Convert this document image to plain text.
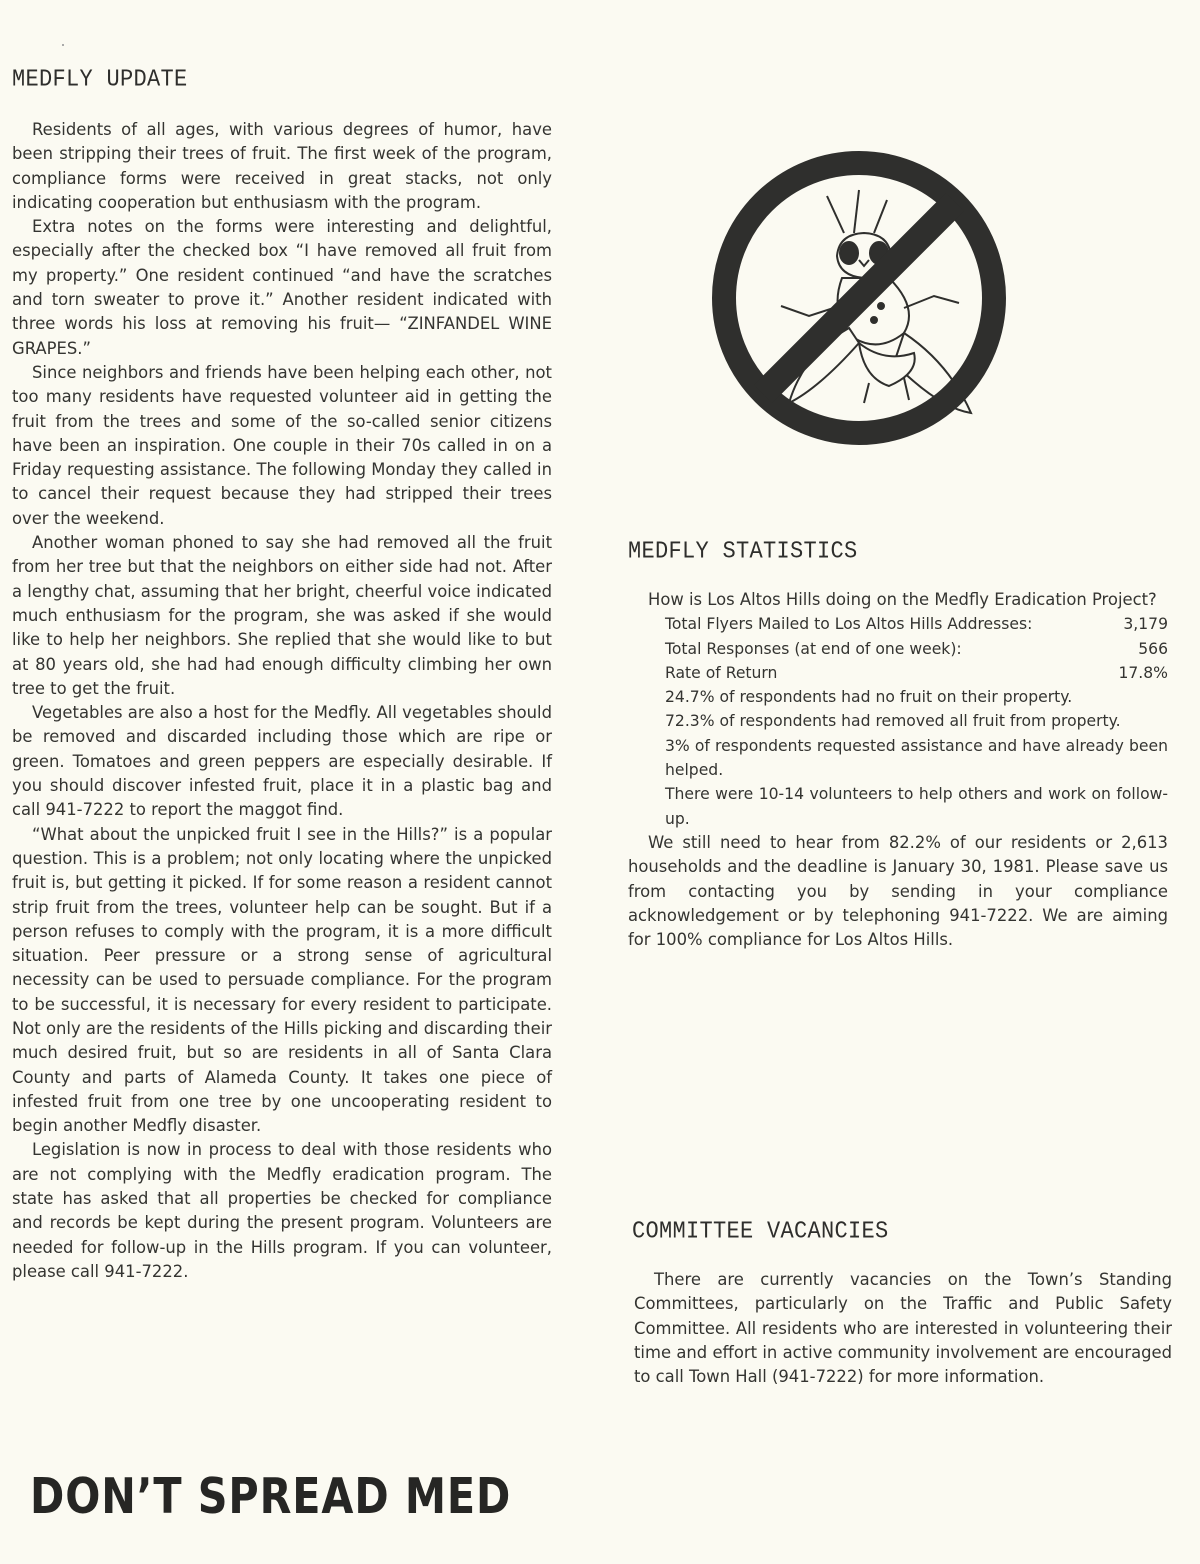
MEDFLY UPDATE

Residents of all ages, with various degrees of humor, have been stripping their trees of fruit. The first week of the program, compliance forms were received in great stacks, not only indicating cooperation but enthusiasm with the program.

Extra notes on the forms were interesting and delightful, especially after the checked box “I have removed all fruit from my property.” One resident continued “and have the scratches and torn sweater to prove it.” Another resident indicated with three words his loss at removing his fruit— “ZINFANDEL WINE GRAPES.”

Since neighbors and friends have been helping each other, not too many residents have requested volunteer aid in getting the fruit from the trees and some of the so-called senior citizens have been an inspiration. One couple in their 70s called in on a Friday requesting assistance. The following Monday they called in to cancel their request because they had stripped their trees over the weekend.

Another woman phoned to say she had removed all the fruit from her tree but that the neighbors on either side had not. After a lengthy chat, assuming that her bright, cheerful voice indicated much enthusiasm for the program, she was asked if she would like to help her neighbors. She replied that she would like to but at 80 years old, she had had enough difficulty climbing her own tree to get the fruit.

Vegetables are also a host for the Medfly. All vegetables should be removed and discarded including those which are ripe or green. Tomatoes and green peppers are especially desirable. If you should discover infested fruit, place it in a plastic bag and call 941-7222 to report the maggot find.

“What about the unpicked fruit I see in the Hills?” is a popular question. This is a problem; not only locating where the unpicked fruit is, but getting it picked. If for some reason a resident cannot strip fruit from the trees, volunteer help can be sought. But if a person refuses to comply with the program, it is a more difficult situation. Peer pressure or a strong sense of agricultural necessity can be used to persuade compliance. For the program to be successful, it is necessary for every resident to participate. Not only are the residents of the Hills picking and discarding their much desired fruit, but so are residents in all of Santa Clara County and parts of Alameda County. It takes one piece of infested fruit from one tree by one uncooperating resident to begin another Medfly disaster.

Legislation is now in process to deal with those residents who are not complying with the Medfly eradication program. The state has asked that all properties be checked for compliance and records be kept during the present program. Volunteers are needed for follow-up in the Hills program. If you can volunteer, please call 941-7222.

MEDFLY STATISTICS

How is Los Altos Hills doing on the Medfly Eradication Project?

Total Flyers Mailed to Los Altos Hills Addresses:	3,179
Total Responses (at end of one week):	566
Rate of Return	17.8%

24.7% of respondents had no fruit on their property.

72.3% of respondents had removed all fruit from property.

3% of respondents requested assistance and have already been helped.

There were 10-14 volunteers to help others and work on follow-up.

We still need to hear from 82.2% of our residents or 2,613 households and the deadline is January 30, 1981. Please save us from contacting you by sending in your compliance acknowledgement or by telephoning 941-7222. We are aiming for 100% compliance for Los Altos Hills.

COMMITTEE VACANCIES

There are currently vacancies on the Town’s Standing Committees, particularly on the Traffic and Public Safety Committee. All residents who are interested in volunteering their time and effort in active community involvement are encouraged to call Town Hall (941-7222) for more information.

DON’T SPREAD MED
